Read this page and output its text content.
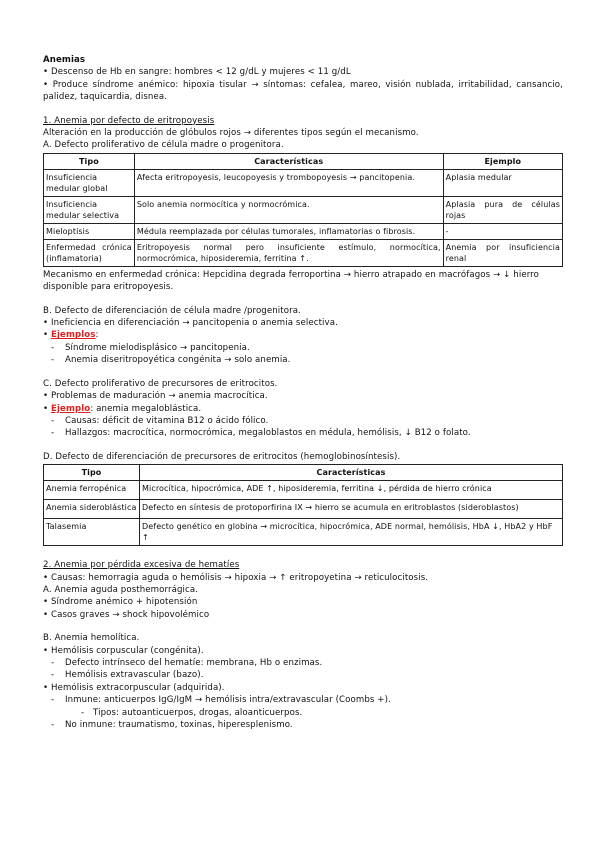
Anemias

• Descenso de Hb en sangre: hombres < 12 g/dL y mujeres < 11 g/dL

• Produce síndrome anémico: hipoxia tisular → síntomas: cefalea, mareo, visión nublada, irritabilidad, cansancio, palidez, taquicardia, disnea.

1. Anemia por defecto de eritropoyesis

Alteración en la producción de glóbulos rojos → diferentes tipos según el mecanismo.

A. Defecto proliferativo de célula madre o progenitora.

Tipo	Características	Ejemplo
Insuficiencia medular global	Afecta eritropoyesis, leucopoyesis y trombopoyesis → pancitopenia.	Aplasia medular
Insuficiencia medular selectiva	Solo anemia normocítica y normocrómica.	Aplasia pura de células rojas
Mieloptisis	Médula reemplazada por células tumorales, inflamatorias o fibrosis.	-
Enfermedad crónica (inflamatoria)	Eritropoyesis normal pero insuficiente estímulo, normocítica, normocrómica, hiposideremia, ferritina ↑.	Anemia por insuficiencia renal

Mecanismo en enfermedad crónica: Hepcidina degrada ferroportina → hierro atrapado en macrófagos → ↓ hierro disponible para eritropoyesis.

B. Defecto de diferenciación de célula madre /progenitora.

• Ineficiencia en diferenciación → pancitopenia o anemia selectiva.

• Ejemplos:

- Síndrome mielodisplásico → pancitopenia.

- Anemia diseritropoyética congénita → solo anemia.

C. Defecto proliferativo de precursores de eritrocitos.

• Problemas de maduración → anemia macrocítica.

• Ejemplo: anemia megaloblástica.

- Causas: déficit de vitamina B12 o ácido fólico.

- Hallazgos: macrocítica, normocrómica, megaloblastos en médula, hemólisis, ↓ B12 o folato.

D. Defecto de diferenciación de precursores de eritrocitos (hemoglobinosíntesis).

Tipo	Características
Anemia ferropénica	Microcítica, hipocrómica, ADE ↑, hiposideremia, ferritina ↓, pérdida de hierro crónica
Anemia sideroblástica	Defecto en síntesis de protoporfirina IX → hierro se acumula en eritroblastos (sideroblastos)
Talasemia	Defecto genético en globina → microcítica, hipocrómica, ADE normal, hemólisis, HbA ↓, HbA2 y HbF ↑

2. Anemia por pérdida excesiva de hematíes

• Causas: hemorragia aguda o hemólisis → hipoxia → ↑ eritropoyetina → reticulocitosis.

A. Anemia aguda posthemorrágica.

• Síndrome anémico + hipotensión

• Casos graves → shock hipovolémico

B. Anemia hemolítica.

• Hemólisis corpuscular (congénita).

- Defecto intrínseco del hematíe: membrana, Hb o enzimas.

- Hemólisis extravascular (bazo).

• Hemólisis extracorpuscular (adquirida).

- Inmune: anticuerpos IgG/IgM → hemólisis intra/extravascular (Coombs +).

- Tipos: autoanticuerpos, drogas, aloanticuerpos.

- No inmune: traumatismo, toxinas, hiperesplenismo.
